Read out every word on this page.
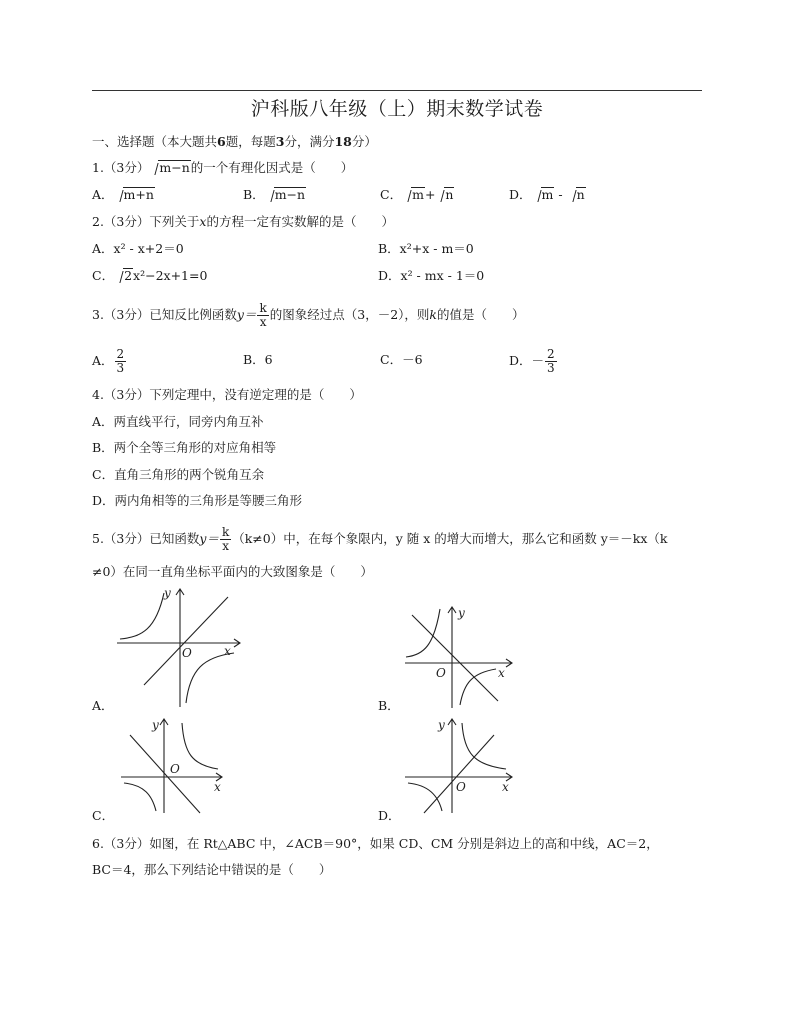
沪科版八年级（上）期末数学试卷
一、选择题（本大题共6题，每题3分，满分18分）
1.（3分） m−n的一个有理化因式是（　　）
A． m+n	B． m−n	C． m+ n	D． m - n
2.（3分）下列关于x的方程一定有实数解的是（　　）
A．x² - x+2＝0	B．x²+x - m＝0
C． 2x²−2x+1=0	D．x² - mx - 1＝0
3.（3分）已知反比例函数$y= \frac{k}{x}$ 的图象经过点（3，－2），则k的值是（　　）
A． $\frac{2}{3}$	B．6	C．－6	D．－ $\frac{2}{3}$
4.（3分）下列定理中，没有逆定理的是（　　）
A．两直线平行，同旁内角互补
B．两个全等三角形的对应角相等
C．直角三角形的两个锐角互余
D．两内角相等的三角形是等腰三角形
5.（3分）已知函数$y= \frac{k}{x} (k\ne 0)$中，在每个象限内，y 随 x 的增大而增大，那么它和函数 y＝－kx（k
≠0）在同一直角坐标平面内的大致图象是（　　）
y
x
O
A．
y
x
O
B．
y
x
O
C．
y
x
O
D．
6.（3分）如图，在 Rt△ABC 中，∠ACB＝90°，如果 CD、CM 分别是斜边上的高和中线，AC＝2，
BC＝4，那么下列结论中错误的是（　　）
